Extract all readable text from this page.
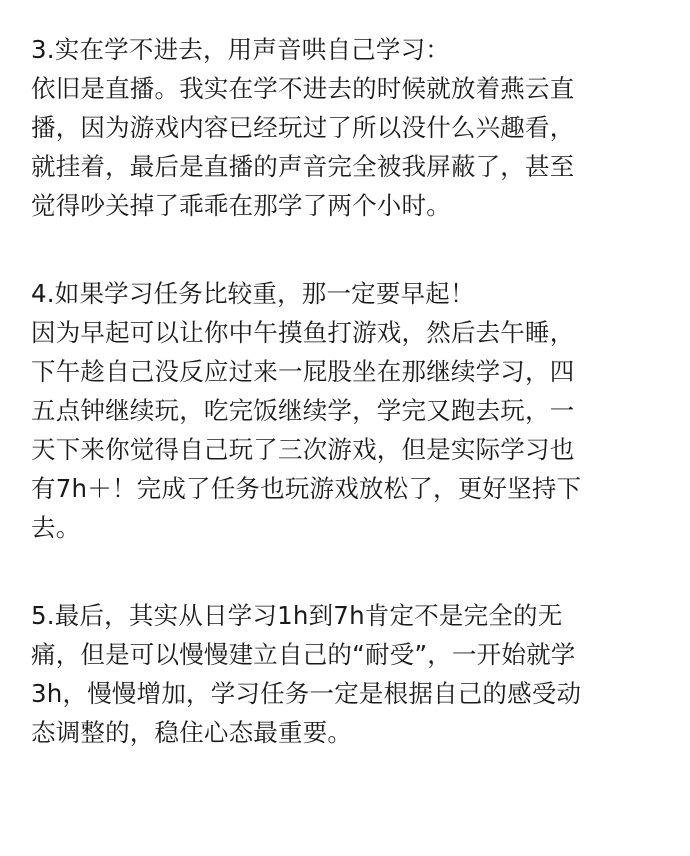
3.实在学不进去，用声音哄自己学习：
依旧是直播。我实在学不进去的时候就放着燕云直
播，因为游戏内容已经玩过了所以没什么兴趣看，
就挂着，最后是直播的声音完全被我屏蔽了，甚至
觉得吵关掉了乖乖在那学了两个小时。
4.如果学习任务比较重，那一定要早起！
因为早起可以让你中午摸鱼打游戏，然后去午睡，
下午趁自己没反应过来一屁股坐在那继续学习，四
五点钟继续玩，吃完饭继续学，学完又跑去玩，一
天下来你觉得自己玩了三次游戏，但是实际学习也
有7h＋！完成了任务也玩游戏放松了，更好坚持下
去。
5.最后，其实从日学习1h到7h肯定不是完全的无
痛，但是可以慢慢建立自己的“耐受”，一开始就学
3h，慢慢增加，学习任务一定是根据自己的感受动
态调整的，稳住心态最重要。
